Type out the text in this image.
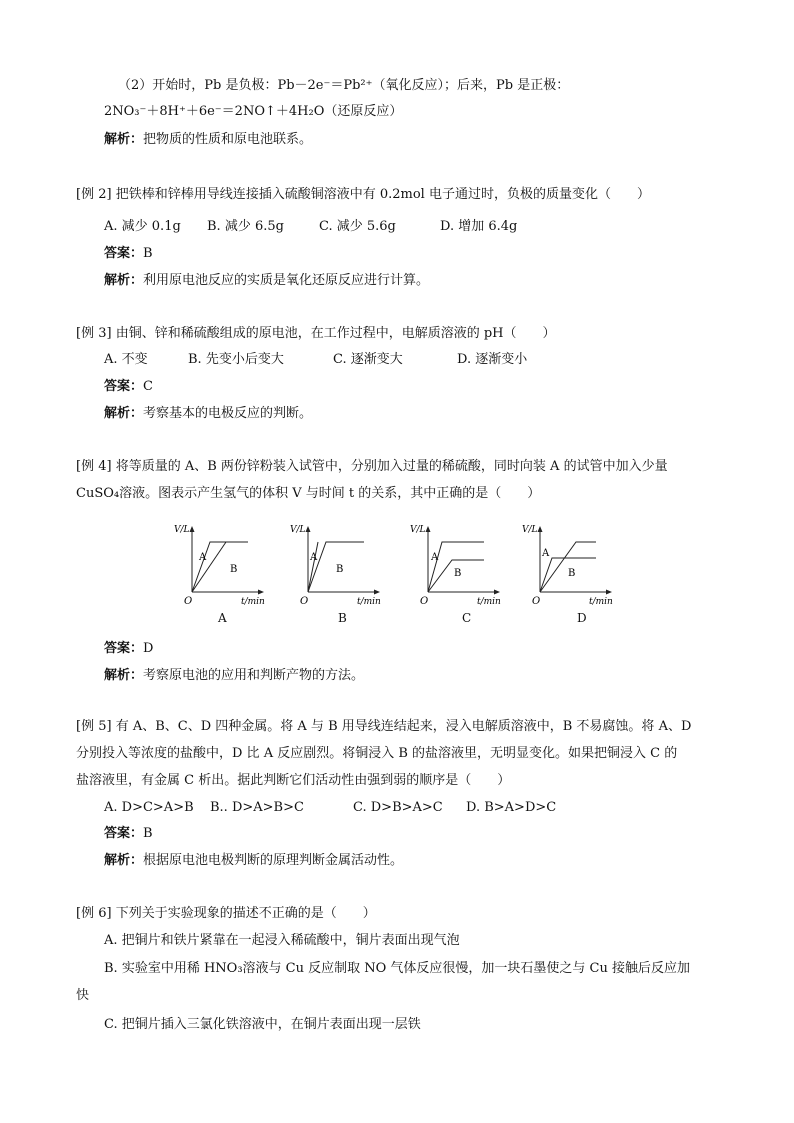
（2）开始时，Pb 是负极：Pb－2e⁻＝Pb²⁺（氧化反应）；后来，Pb 是正极：
2NO₃⁻＋8H⁺＋6e⁻＝2NO↑＋4H₂O（还原反应）
解析：把物质的性质和原电池联系。
[例 2] 把铁棒和锌棒用导线连接插入硫酸铜溶液中有 0.2mol 电子通过时，负极的质量变化（　　）
A. 减少 0.1g B. 减少 6.5g	C. 减少 5.6g	D. 增加 6.4g
答案：B
解析：利用原电池反应的实质是氧化还原反应进行计算。
[例 3] 由铜、锌和稀硫酸组成的原电池，在工作过程中，电解质溶液的 pH（　　）
A. 不变	B. 先变小后变大	C. 逐渐变大	D. 逐渐变小
答案：C
解析：考察基本的电极反应的判断。
[例 4] 将等质量的 A、B 两份锌粉装入试管中，分别加入过量的稀硫酸，同时向装 A 的试管中加入少量
CuSO₄溶液。图表示产生氢气的体积 V 与时间 t 的关系，其中正确的是（　　）
V/L
t/min
O
A
B
V/L
t/min
O
A
B
V/L
t/min
O
A
B
V/L
t/min
O
A
B
A	B	C	D
答案：D
解析：考察原电池的应用和判断产物的方法。
[例 5] 有 A、B、C、D 四种金属。将 A 与 B 用导线连结起来，浸入电解质溶液中，B 不易腐蚀。将 A、D
分别投入等浓度的盐酸中，D 比 A 反应剧烈。将铜浸入 B 的盐溶液里，无明显变化。如果把铜浸入 C 的
盐溶液里，有金属 C 析出。据此判断它们活动性由强到弱的顺序是（　　）
A. D>C>A>B B.. D>A>B>C	C. D>B>A>C D. B>A>D>C
答案：B
解析：根据原电池电极判断的原理判断金属活动性。
[例 6] 下列关于实验现象的描述不正确的是（　　）
A. 把铜片和铁片紧靠在一起浸入稀硫酸中，铜片表面出现气泡
B. 实验室中用稀 HNO₃溶液与 Cu 反应制取 NO 气体反应很慢，加一块石墨使之与 Cu 接触后反应加
快
C. 把铜片插入三氯化铁溶液中，在铜片表面出现一层铁
